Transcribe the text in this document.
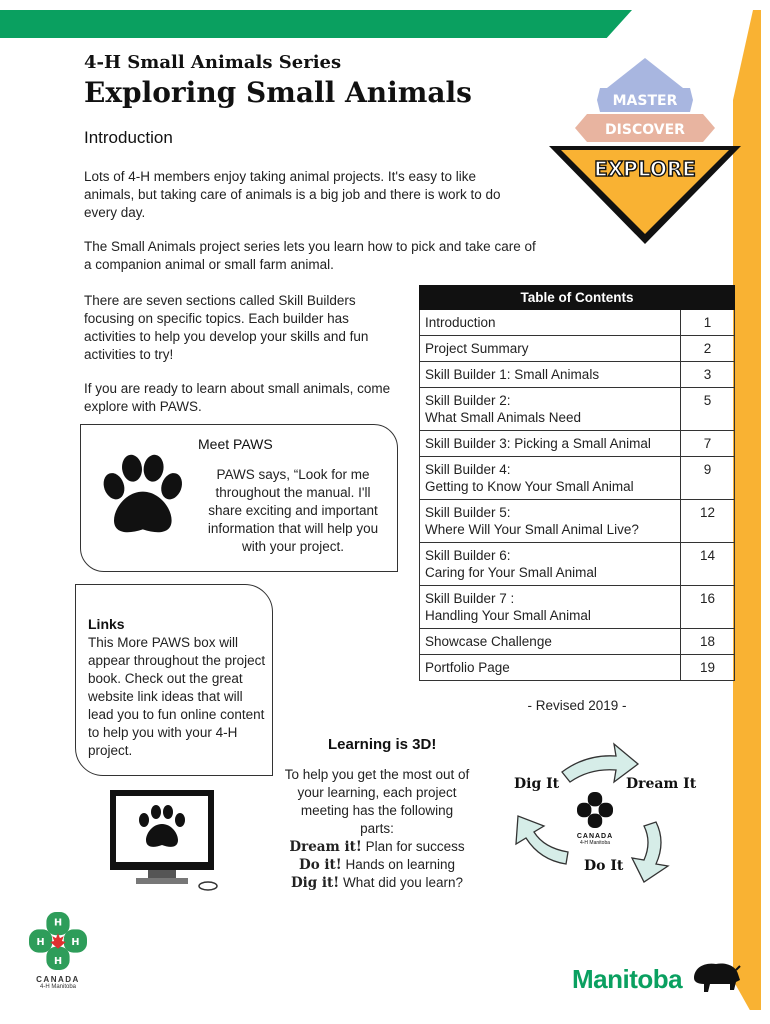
4-H Small Animals Series
Exploring Small Animals	MASTER
DISCOVER
EXPLORE
Introduction
Lots of 4-H members enjoy taking animal projects. It's easy to like animals, but taking care of animals is a big job and there is work to do every day.
The Small Animals project series lets you learn how to pick and take care of a companion animal or small farm animal.
There are seven sections called Skill Builders focusing on specific topics. Each builder has activities to help you develop your skills and fun activities to try!
If you are ready to learn about small animals, come explore with PAWS.
Table of Contents	
Introduction	1
Project Summary	2
Skill Builder 1: Small Animals	3
Skill Builder 2:
What Small Animals Need	5
Skill Builder 3: Picking a Small Animal	7
Skill Builder 4:
Getting to Know Your Small Animal	9
Skill Builder 5:
Where Will Your Small Animal Live?	12
Skill Builder 6:
Caring for Your Small Animal	14
Skill Builder 7 :
Handling Your Small Animal	16
Showcase Challenge	18
Portfolio Page	19
- Revised 2019 -
Meet PAWS
PAWS says, “Look for me throughout the manual. I'll share exciting and important information that will help you with your project.
Links
This More PAWS box will appear throughout the project book. Check out the great website link ideas that will lead you to fun online content to help you with your 4-H project.	Learning is 3D!
To help you get the most out of your learning, each project meeting has the following parts:
Dream it! Plan for success
Do it! Hands on learning
Dig it! What did you learn?
Dig It	Dream It
Do It
H
CANADA
4-H Manitoba
H
H
H
H
CANADA
4-H Manitoba	Manitoba
